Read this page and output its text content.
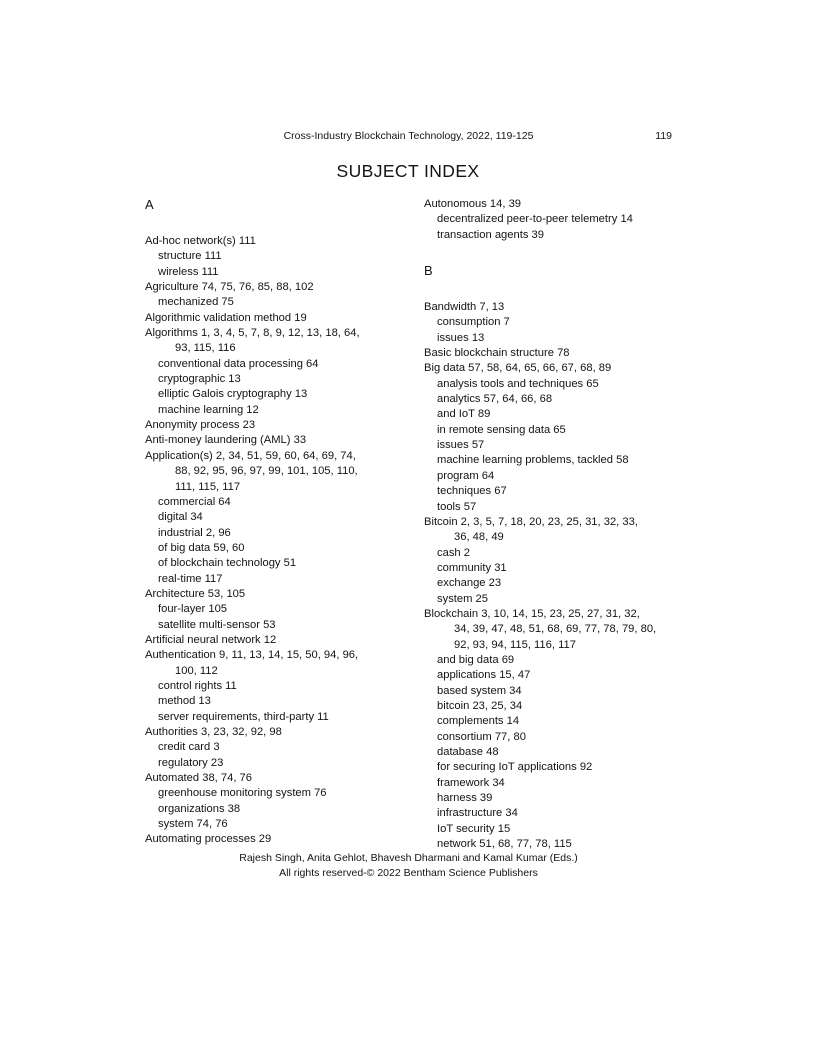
Cross-Industry Blockchain Technology, 2022, 119-125	119
SUBJECT INDEX
A
Ad-hoc network(s) 111
structure 111
wireless 111
Agriculture 74, 75, 76, 85, 88, 102
mechanized 75
Algorithmic validation method 19
Algorithms 1, 3, 4, 5, 7, 8, 9, 12, 13, 18, 64,
93, 115, 116
conventional data processing 64
cryptographic 13
elliptic Galois cryptography 13
machine learning 12
Anonymity process 23
Anti-money laundering (AML) 33
Application(s) 2, 34, 51, 59, 60, 64, 69, 74,
88, 92, 95, 96, 97, 99, 101, 105, 110,
111, 115, 117
commercial 64
digital 34
industrial 2, 96
of big data 59, 60
of blockchain technology 51
real-time 117
Architecture 53, 105
four-layer 105
satellite multi-sensor 53
Artificial neural network 12
Authentication 9, 11, 13, 14, 15, 50, 94, 96,
100, 112
control rights 11
method 13
server requirements, third-party 11
Authorities 3, 23, 32, 92, 98
credit card 3
regulatory 23
Automated 38, 74, 76
greenhouse monitoring system 76
organizations 38
system 74, 76
Automating processes 29
Autonomous 14, 39
decentralized peer-to-peer telemetry 14
transaction agents 39
B
Bandwidth 7, 13
consumption 7
issues 13
Basic blockchain structure 78
Big data 57, 58, 64, 65, 66, 67, 68, 89
analysis tools and techniques 65
analytics 57, 64, 66, 68
and IoT 89
in remote sensing data 65
issues 57
machine learning problems, tackled 58
program 64
techniques 67
tools 57
Bitcoin 2, 3, 5, 7, 18, 20, 23, 25, 31, 32, 33,
36, 48, 49
cash 2
community 31
exchange 23
system 25
Blockchain 3, 10, 14, 15, 23, 25, 27, 31, 32,
34, 39, 47, 48, 51, 68, 69, 77, 78, 79, 80,
92, 93, 94, 115, 116, 117
and big data 69
applications 15, 47
based system 34
bitcoin 23, 25, 34
complements 14
consortium 77, 80
database 48
for securing IoT applications 92
framework 34
harness 39
infrastructure 34
IoT security 15
network 51, 68, 77, 78, 115
Rajesh Singh, Anita Gehlot, Bhavesh Dharmani and Kamal Kumar (Eds.)
All rights reserved-© 2022 Bentham Science Publishers
